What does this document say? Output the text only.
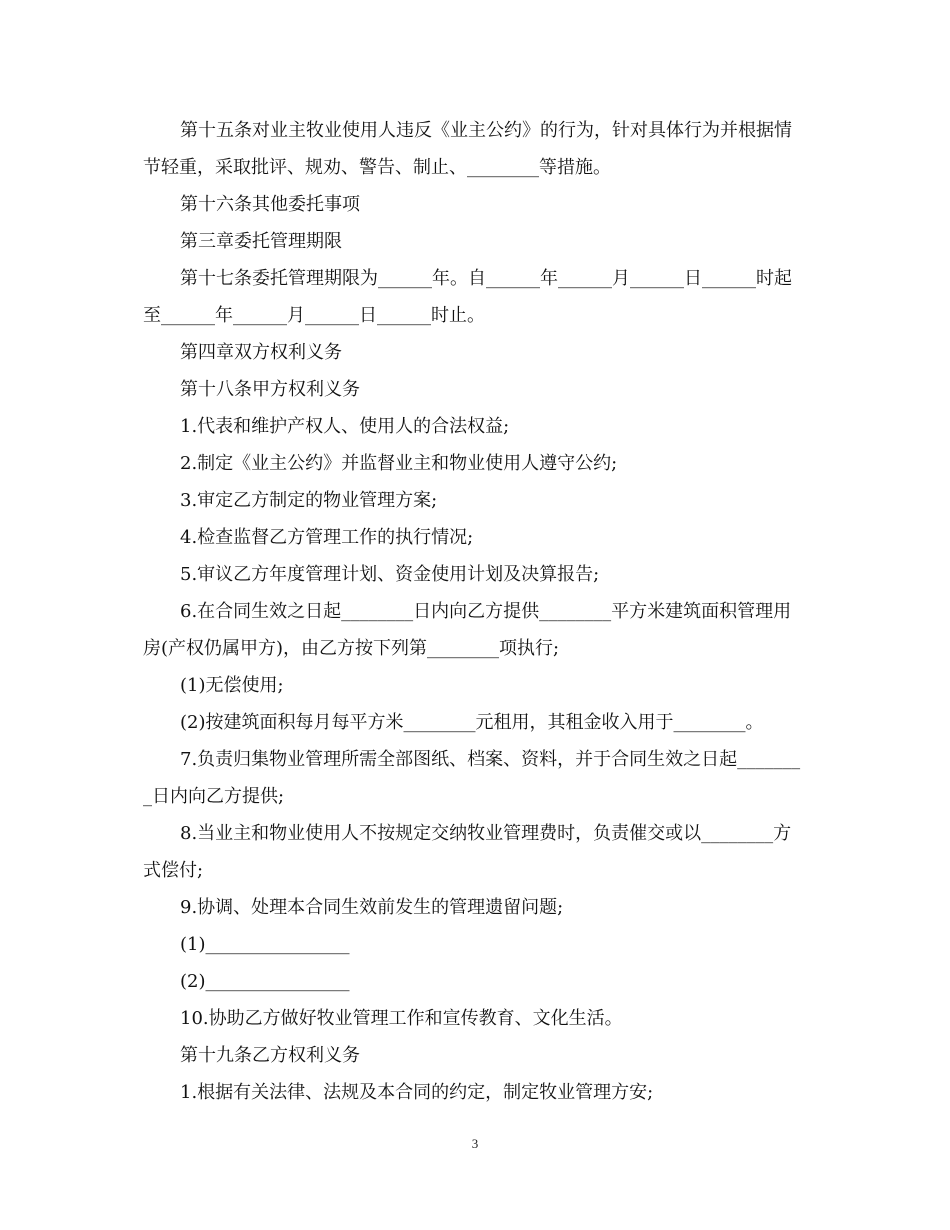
第十五条对业主牧业使用人违反《业主公约》的行为，针对具体行为并根据情节轻重，采取批评、规劝、警告、制止、________等措施。

第十六条其他委托事项

第三章委托管理期限

第十七条委托管理期限为______年。自______年______月______日______时起至______年______月______日______时止。

第四章双方权利义务

第十八条甲方权利义务

1.代表和维护产权人、使用人的合法权益;

2.制定《业主公约》并监督业主和物业使用人遵守公约;

3.审定乙方制定的物业管理方案;

4.检查监督乙方管理工作的执行情况;

5.审议乙方年度管理计划、资金使用计划及决算报告;

6.在合同生效之日起________日内向乙方提供________平方米建筑面积管理用房(产权仍属甲方)，由乙方按下列第________项执行;

(1)无偿使用;

(2)按建筑面积每月每平方米________元租用，其租金收入用于________。

7.负责归集物业管理所需全部图纸、档案、资料，并于合同生效之日起________日内向乙方提供;

8.当业主和物业使用人不按规定交纳牧业管理费时，负责催交或以________方式偿付;

9.协调、处理本合同生效前发生的管理遗留问题;

(1)________________

(2)________________

10.协助乙方做好牧业管理工作和宣传教育、文化生活。

第十九条乙方权利义务

1.根据有关法律、法规及本合同的约定，制定牧业管理方安;

3
